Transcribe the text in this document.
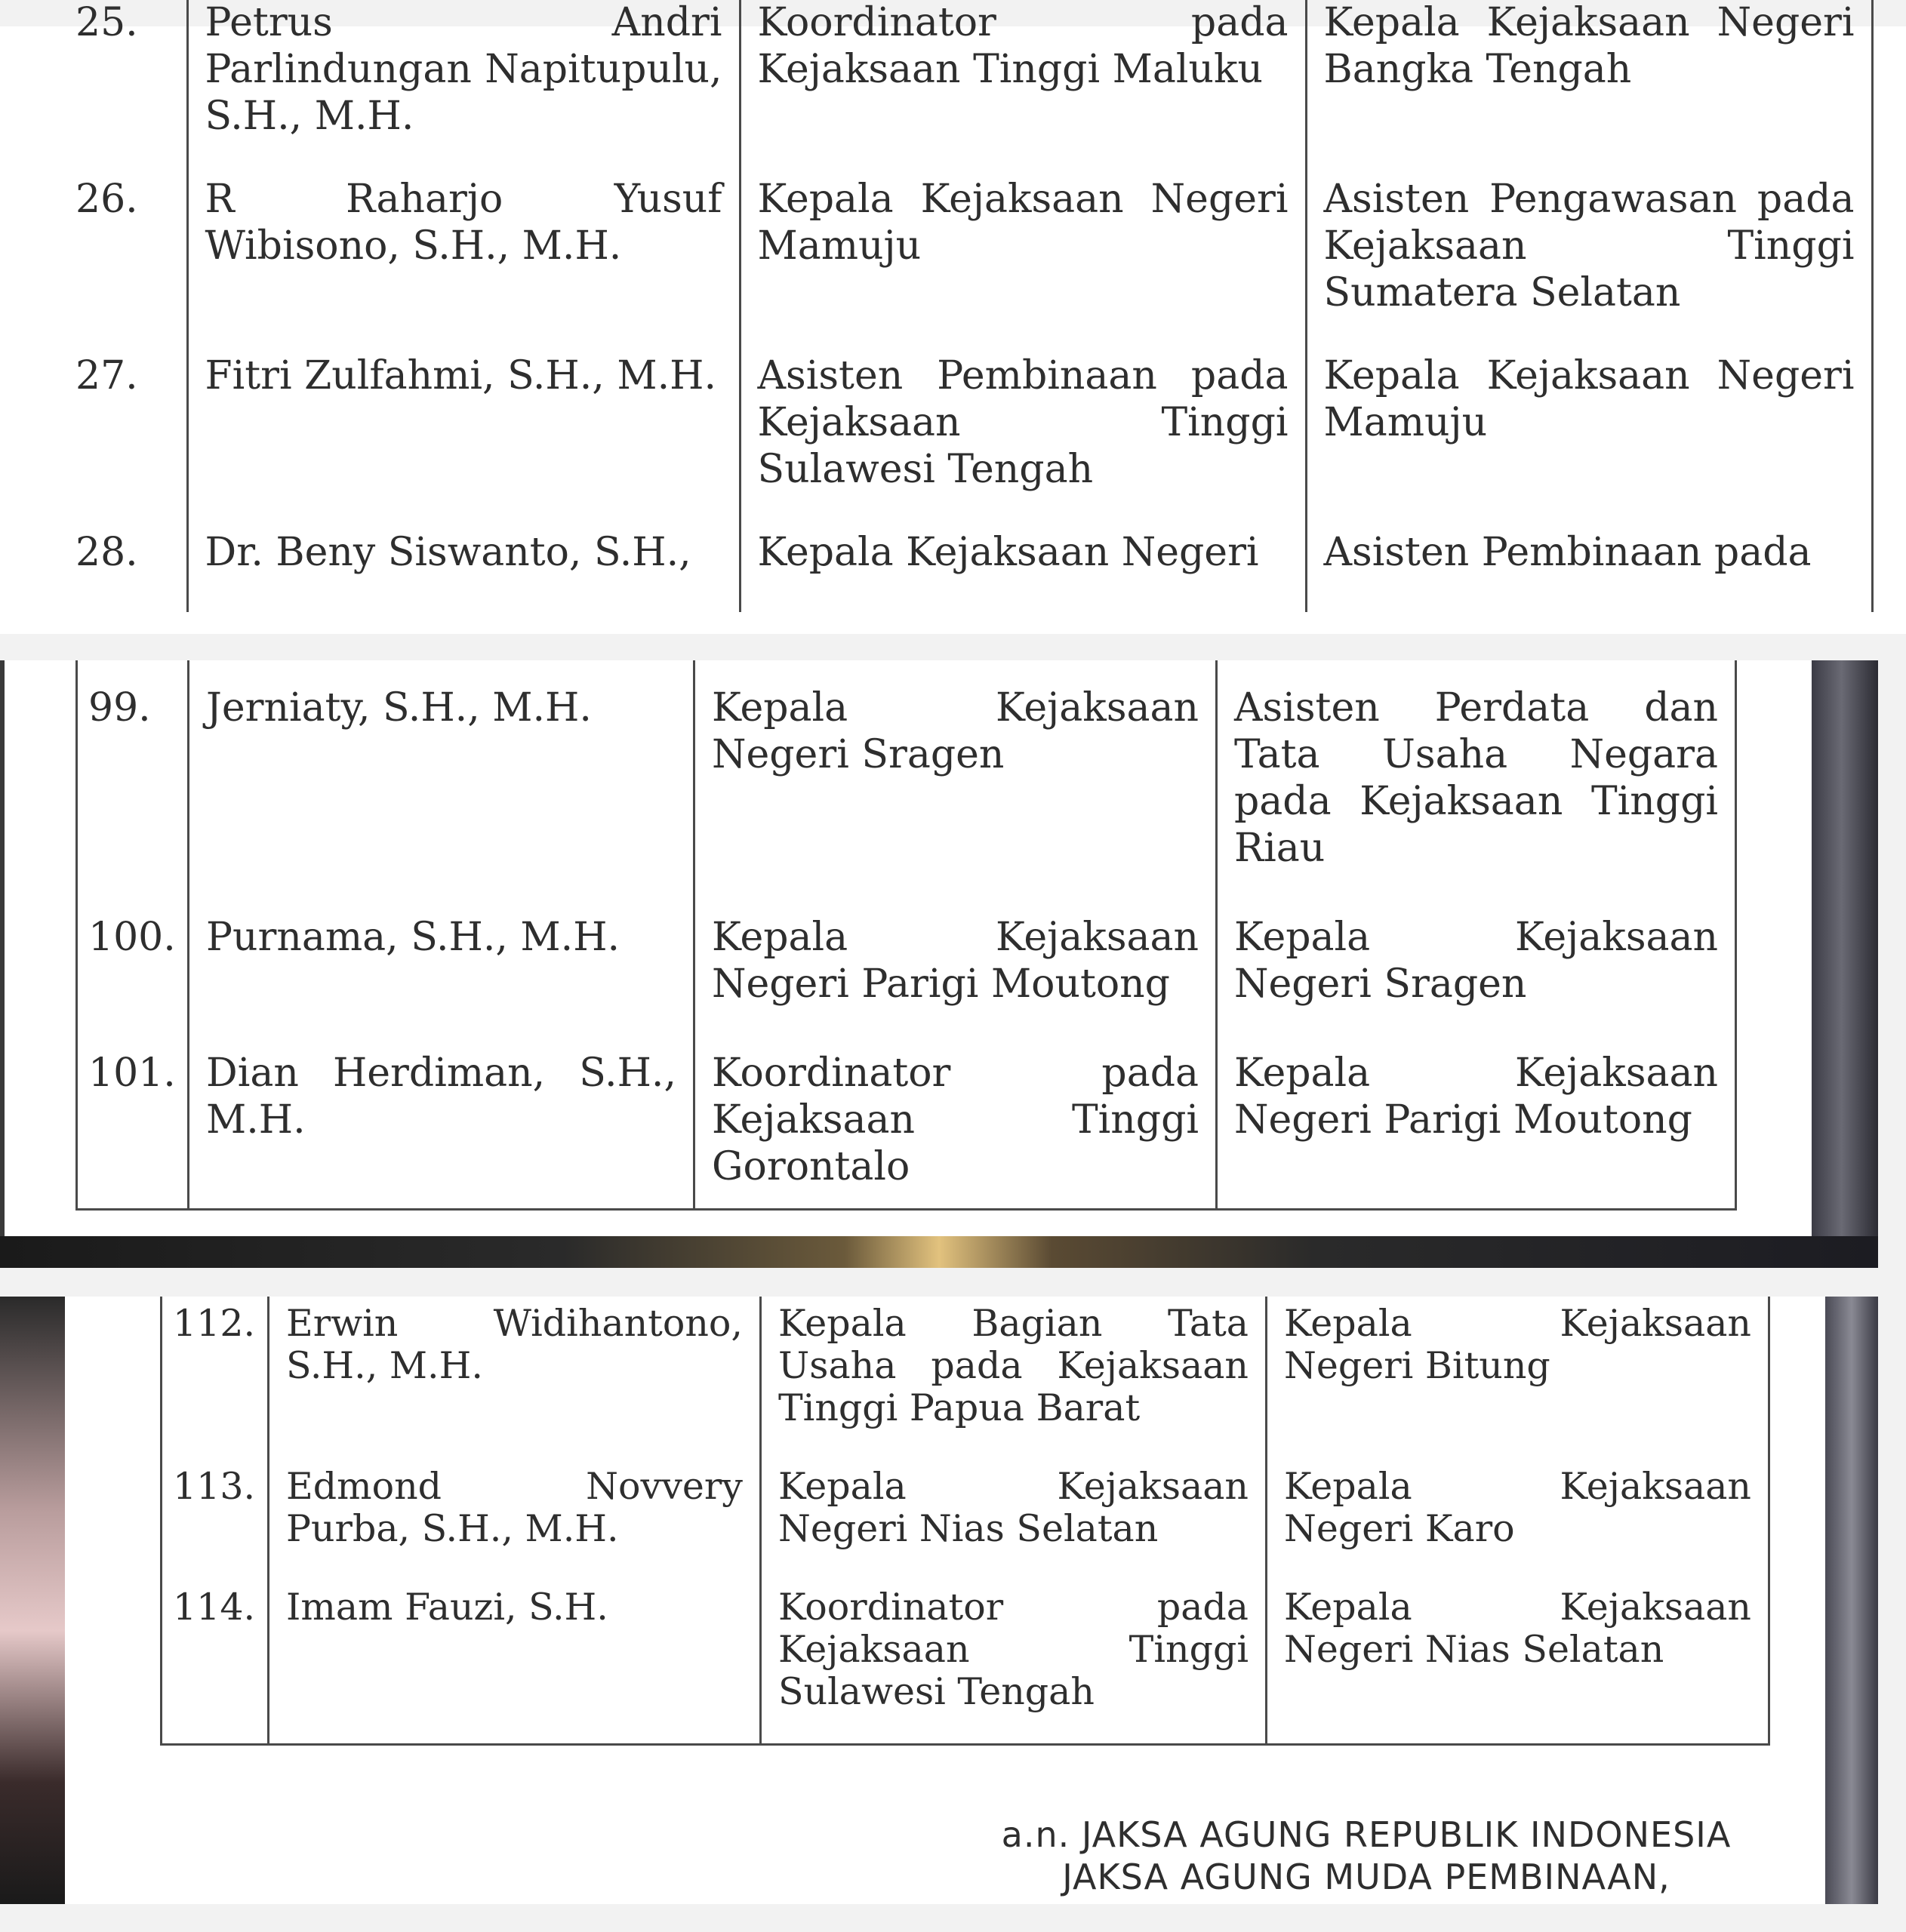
25.	Petrus Andri Parlindungan Napitupulu, S.H., M.H.	Koordinator pada Kejaksaan Tinggi Maluku	Kepala Kejaksaan Negeri Bangka Tengah
26.	R Raharjo Yusuf Wibisono, S.H., M.H.	Kepala Kejaksaan Negeri Mamuju	Asisten Pengawasan pada Kejaksaan Tinggi Sumatera Selatan
27.	Fitri Zulfahmi, S.H., M.H.	Asisten Pembinaan pada Kejaksaan Tinggi Sulawesi Tengah	Kepala Kejaksaan Negeri Mamuju
28.	Dr. Beny Siswanto, S.H.,	Kepala Kejaksaan Negeri	Asisten Pembinaan pada
99.	Jerniaty, S.H., M.H.	Kepala Kejaksaan Negeri Sragen	Asisten Perdata dan Tata Usaha Negara pada Kejaksaan Tinggi Riau
100.	Purnama, S.H., M.H.	Kepala Kejaksaan Negeri Parigi Moutong	Kepala Kejaksaan Negeri Sragen
101.	Dian Herdiman, S.H., M.H.	Koordinator pada Kejaksaan Tinggi Gorontalo	Kepala Kejaksaan Negeri Parigi Moutong
112.	Erwin Widihantono, S.H., M.H.	Kepala Bagian Tata Usaha pada Kejaksaan Tinggi Papua Barat	Kepala Kejaksaan Negeri Bitung
113.	Edmond Novvery Purba, S.H., M.H.	Kepala Kejaksaan Negeri Nias Selatan	Kepala Kejaksaan Negeri Karo
114.	Imam Fauzi, S.H.	Koordinator pada Kejaksaan Tinggi Sulawesi Tengah	Kepala Kejaksaan Negeri Nias Selatan
a.n. JAKSA AGUNG REPUBLIK INDONESIA
JAKSA AGUNG MUDA PEMBINAAN,
